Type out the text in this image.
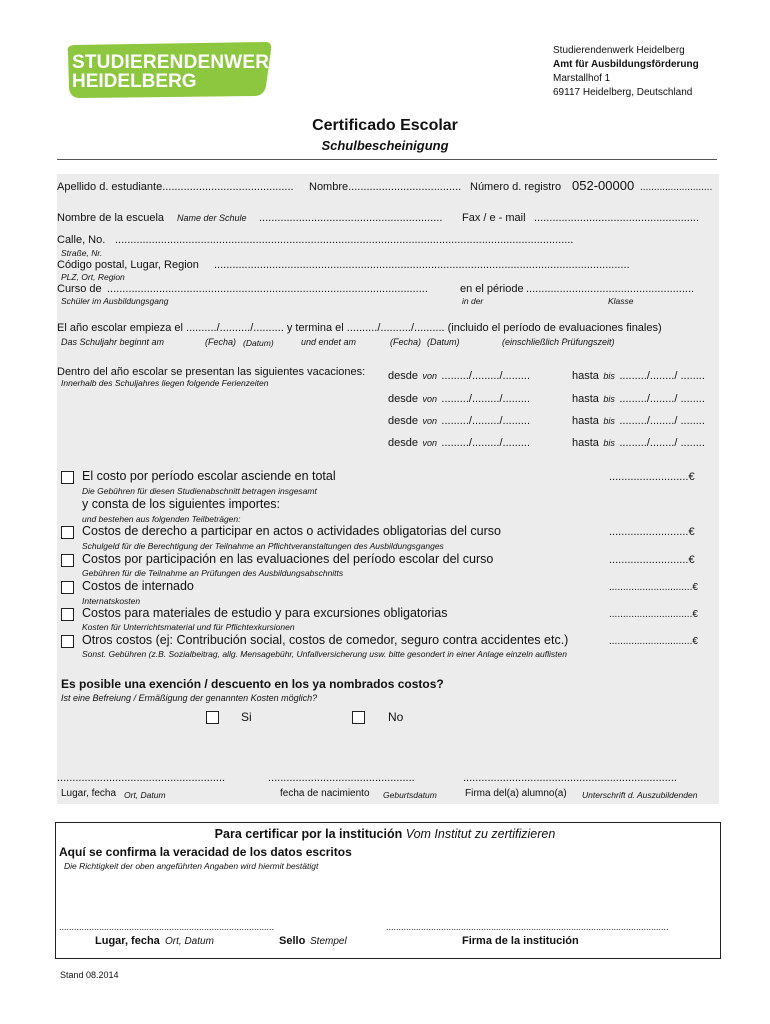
STUDIERENDENWERK
HEIDELBERG
Studierendenwerk Heidelberg
Amt für Ausbildungsförderung
Marstallhof 1
69117 Heidelberg, Deutschland
Certificado Escolar
Schulbescheinigung
Apellido d. estudiante........................................... Nombre..................................... Número d. registro 052-00000 ..........................
Nombre de la escuela Name der Schule ............................................................ Fax / e - mail ......................................................
Calle, No. ......................................................................................................................................................
Straße, Nr.
Código postal, Lugar, Region ........................................................................................................................................
PLZ, Ort, Region
Curso de .........................................................................................................	en el période .......................................................
Schüler im Ausbildungsgang	in der	Klasse
El año escolar empieza el ........../........../.......... y termina el ........../........../.......... (incluido el período de evaluaciones finales)
Das Schuljahr beginnt am	(Fecha) (Datum)	und endet am	(Fecha) (Datum)	(einschließlich Prüfungszeit)
Dentro del año escolar se presentan las siguientes vacaciones:
Innerhalb des Schuljahres liegen folgende Ferienzeiten
desde von ........./........./.........	hasta bis ........./......../ ........
desde von ........./........./.........	hasta bis ........./......../ ........
desde von ........./........./.........	hasta bis ........./......../ ........
desde von ........./........./.........	hasta bis ........./......../ ........
El costo por período escolar asciende en total	..........................€
Die Gebühren für diesen Studienabschnitt betragen insgesamt
y consta de los siguientes importes:
und bestehen aus folgenden Teilbeträgen:
Costos de derecho a participar en actos o actividades obligatorias del curso	..........................€
Schulgeld für die Berechtigung der Teilnahme an Pflichtveranstaltungen des Ausbildungsganges
Costos por participación en las evaluaciones del período escolar del curso	..........................€
Gebühren für die Teilnahme an Prüfungen des Ausbildungsabschnitts
Costos de internado	..............................€
Internatskosten
Costos para materiales de estudio y para excursiones obligatorias	..............................€
Kosten für Unterrichtsmaterial und für Pflichtexkursionen
Otros costos (ej: Contribución social, costos de comedor, seguro contra accidentes etc.)	..............................€
Sonst. Gebühren (z.B. Sozialbeitrag, allg. Mensagebühr, Unfallversicherung usw. bitte gesondert in einer Anlage einzeln auflisten
Es posible una exención / descuento en los ya nombrados costos?
Ist eine Befreiung / Ermäßigung der genannten Kosten möglich?
Si	No
.......................................................	................................................	......................................................................
Lugar, fecha Ort, Datum	fecha de nacimiento Geburtsdatum	Firma del(a) alumno(a) Unterschrift d. Auszubildenden
Para certificar por la institución Vom Institut zu zertifizieren
Aquí se confirma la veracidad de los datos escritos
Die Richtigkeit der oben angeführten Angaben wird hiermit bestätigt
......................................................................................	.................................................................................................................
Lugar, fecha Ort, Datum	Sello Stempel	Firma de la institución
Stand 08.2014
